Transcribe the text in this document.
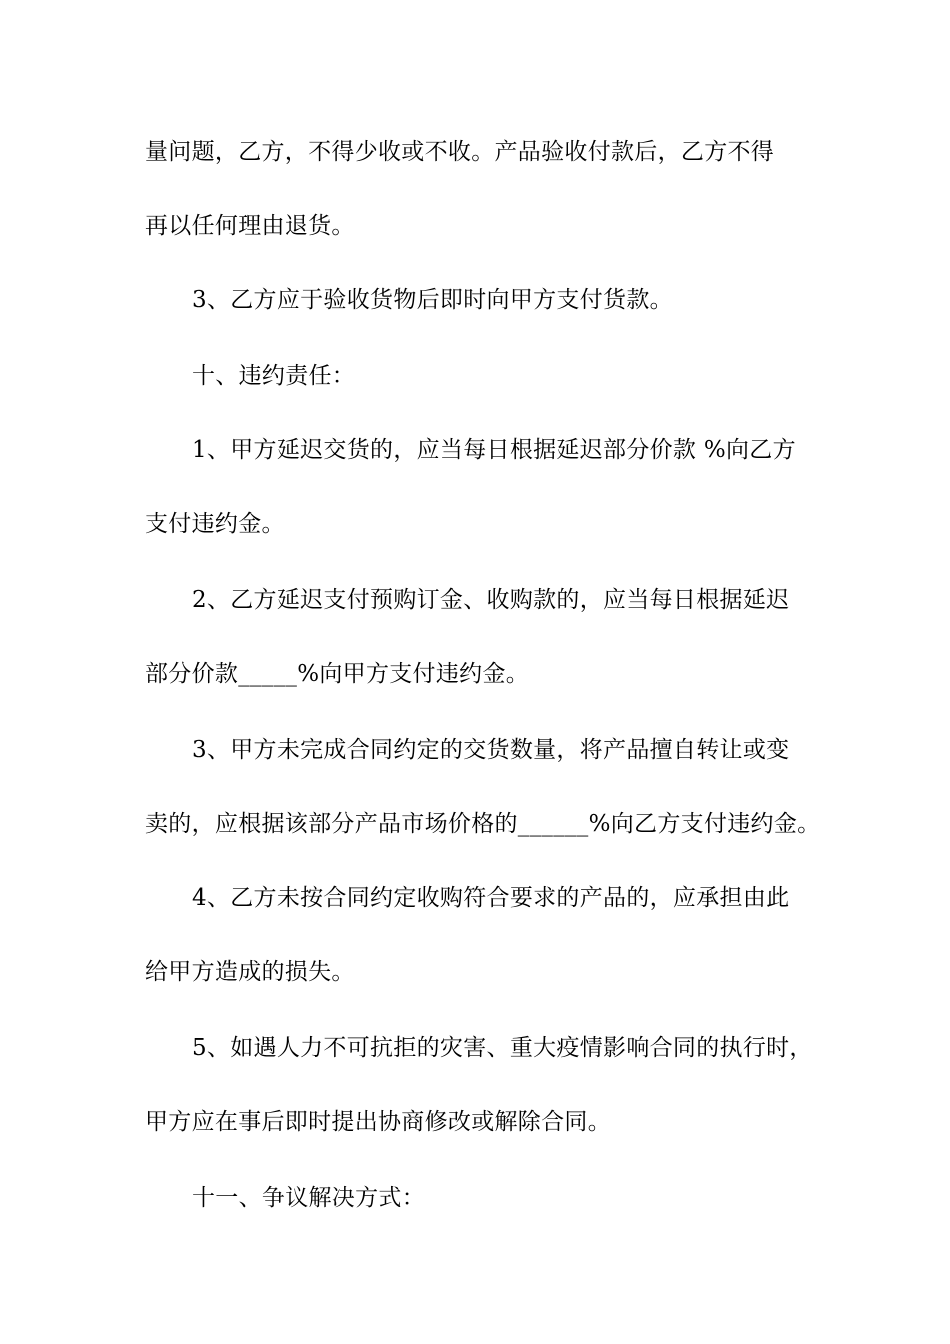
量问题，乙方，不得少收或不收。产品验收付款后，乙方不得
再以任何理由退货。
3、乙方应于验收货物后即时向甲方支付货款。
十、违约责任：
1、甲方延迟交货的，应当每日根据延迟部分价款 %向乙方
支付违约金。
2、乙方延迟支付预购订金、收购款的，应当每日根据延迟
部分价款_____%向甲方支付违约金。
3、甲方未完成合同约定的交货数量，将产品擅自转让或变
卖的，应根据该部分产品市场价格的______%向乙方支付违约金。
4、乙方未按合同约定收购符合要求的产品的，应承担由此
给甲方造成的损失。
5、如遇人力不可抗拒的灾害、重大疫情影响合同的执行时，
甲方应在事后即时提出协商修改或解除合同。
十一、争议解决方式：
